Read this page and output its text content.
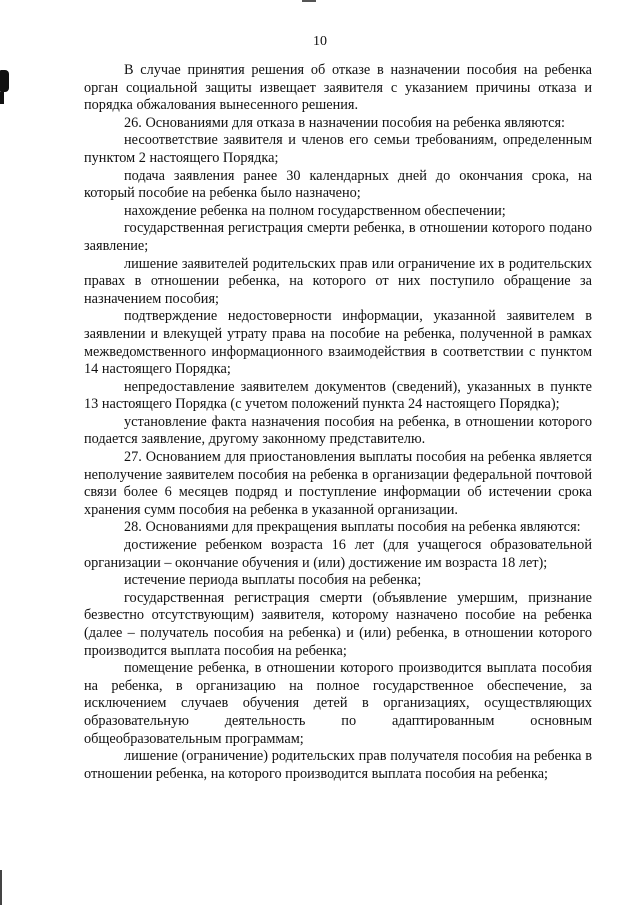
10

В случае принятия решения об отказе в назначении пособия на ребенка орган социальной защиты извещает заявителя с указанием причины отказа и порядка обжалования вынесенного решения.

26. Основаниями для отказа в назначении пособия на ребенка являются:

несоответствие заявителя и членов его семьи требованиям, определенным пунктом 2 настоящего Порядка;

подача заявления ранее 30 календарных дней до окончания срока, на который пособие на ребенка было назначено;

нахождение ребенка на полном государственном обеспечении;

государственная регистрация смерти ребенка, в отношении которого подано заявление;

лишение заявителей родительских прав или ограничение их в родительских правах в отношении ребенка, на которого от них поступило обращение за назначением пособия;

подтверждение недостоверности информации, указанной заявителем в заявлении и влекущей утрату права на пособие на ребенка, полученной в рамках межведомственного информационного взаимодействия в соответствии с пунктом 14 настоящего Порядка;

непредоставление заявителем документов (сведений), указанных в пункте 13 настоящего Порядка (с учетом положений пункта 24 настоящего Порядка);

установление факта назначения пособия на ребенка, в отношении которого подается заявление, другому законному представителю.

27. Основанием для приостановления выплаты пособия на ребенка является неполучение заявителем пособия на ребенка в организации федеральной почтовой связи более 6 месяцев подряд и поступление информации об истечении срока хранения сумм пособия на ребенка в указанной организации.

28. Основаниями для прекращения выплаты пособия на ребенка являются:

достижение ребенком возраста 16 лет (для учащегося образовательной организации – окончание обучения и (или) достижение им возраста 18 лет);

истечение периода выплаты пособия на ребенка;

государственная регистрация смерти (объявление умершим, признание безвестно отсутствующим) заявителя, которому назначено пособие на ребенка (далее – получатель пособия на ребенка) и (или) ребенка, в отношении которого производится выплата пособия на ребенка;

помещение ребенка, в отношении которого производится выплата пособия на ребенка, в организацию на полное государственное обеспечение, за исключением случаев обучения детей в организациях, осуществляющих образовательную деятельность по адаптированным основным общеобразовательным программам;

лишение (ограничение) родительских прав получателя пособия на ребенка в отношении ребенка, на которого производится выплата пособия на ребенка;
